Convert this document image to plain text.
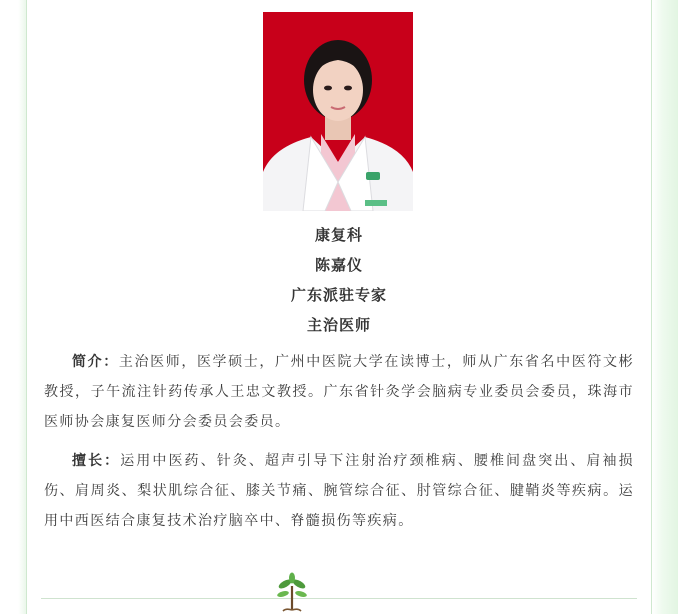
康复科
陈嘉仪
广东派驻专家
主治医师

简介：主治医师，医学硕士，广州中医院大学在读博士，师从广东省名中医符文彬教授，子午流注针药传承人王忠文教授。广东省针灸学会脑病专业委员会委员，珠海市医师协会康复医师分会委员会委员。

擅长：运用中医药、针灸、超声引导下注射治疗颈椎病、腰椎间盘突出、肩袖损伤、肩周炎、梨状肌综合征、膝关节痛、腕管综合征、肘管综合征、腱鞘炎等疾病。运用中西医结合康复技术治疗脑卒中、脊髓损伤等疾病。
